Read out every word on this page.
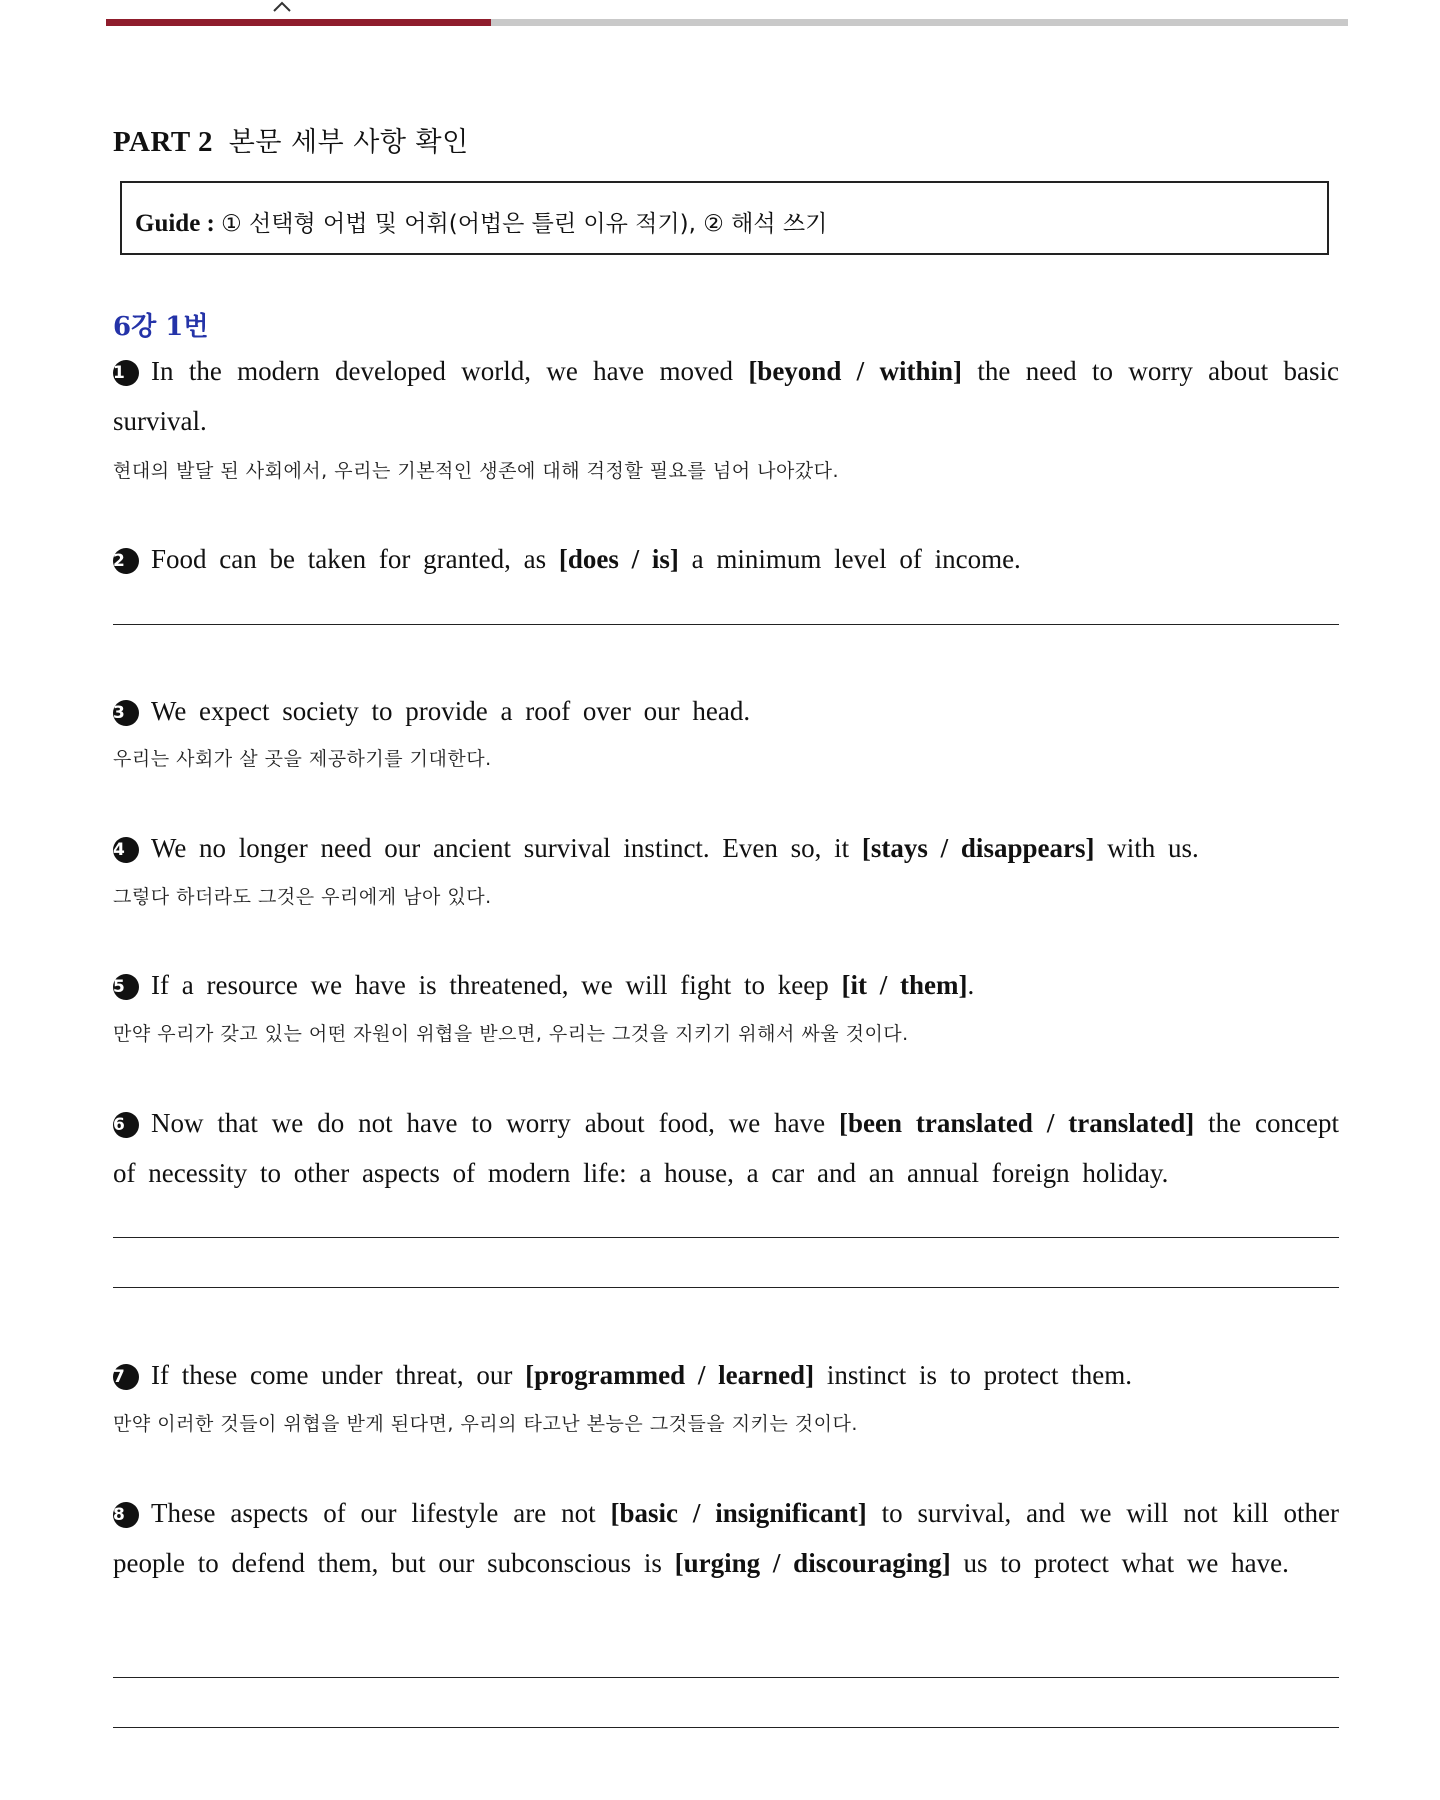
PART 2 본문 세부 사항 확인
Guide : ① 선택형 어법 및 어휘(어법은 틀린 이유 적기), ② 해석 쓰기
6강 1번
1 In the modern developed world, we have moved [beyond / within] the need to worry about basic survival.
현대의 발달 된 사회에서, 우리는 기본적인 생존에 대해 걱정할 필요를 넘어 나아갔다.
2 Food can be taken for granted, as [does / is] a minimum level of income.
3 We expect society to provide a roof over our head.
우리는 사회가 살 곳을 제공하기를 기대한다.
4 We no longer need our ancient survival instinct. Even so, it [stays / disappears] with us.
그렇다 하더라도 그것은 우리에게 남아 있다.
5 If a resource we have is threatened, we will fight to keep [it / them].
만약 우리가 갖고 있는 어떤 자원이 위협을 받으면, 우리는 그것을 지키기 위해서 싸울 것이다.
6 Now that we do not have to worry about food, we have [been translated / translated] the concept of necessity to other aspects of modern life: a house, a car and an annual foreign holiday.
7 If these come under threat, our [programmed / learned] instinct is to protect them.
만약 이러한 것들이 위협을 받게 된다면, 우리의 타고난 본능은 그것들을 지키는 것이다.
8 These aspects of our lifestyle are not [basic / insignificant] to survival, and we will not kill other people to defend them, but our subconscious is [urging / discouraging] us to protect what we have.
